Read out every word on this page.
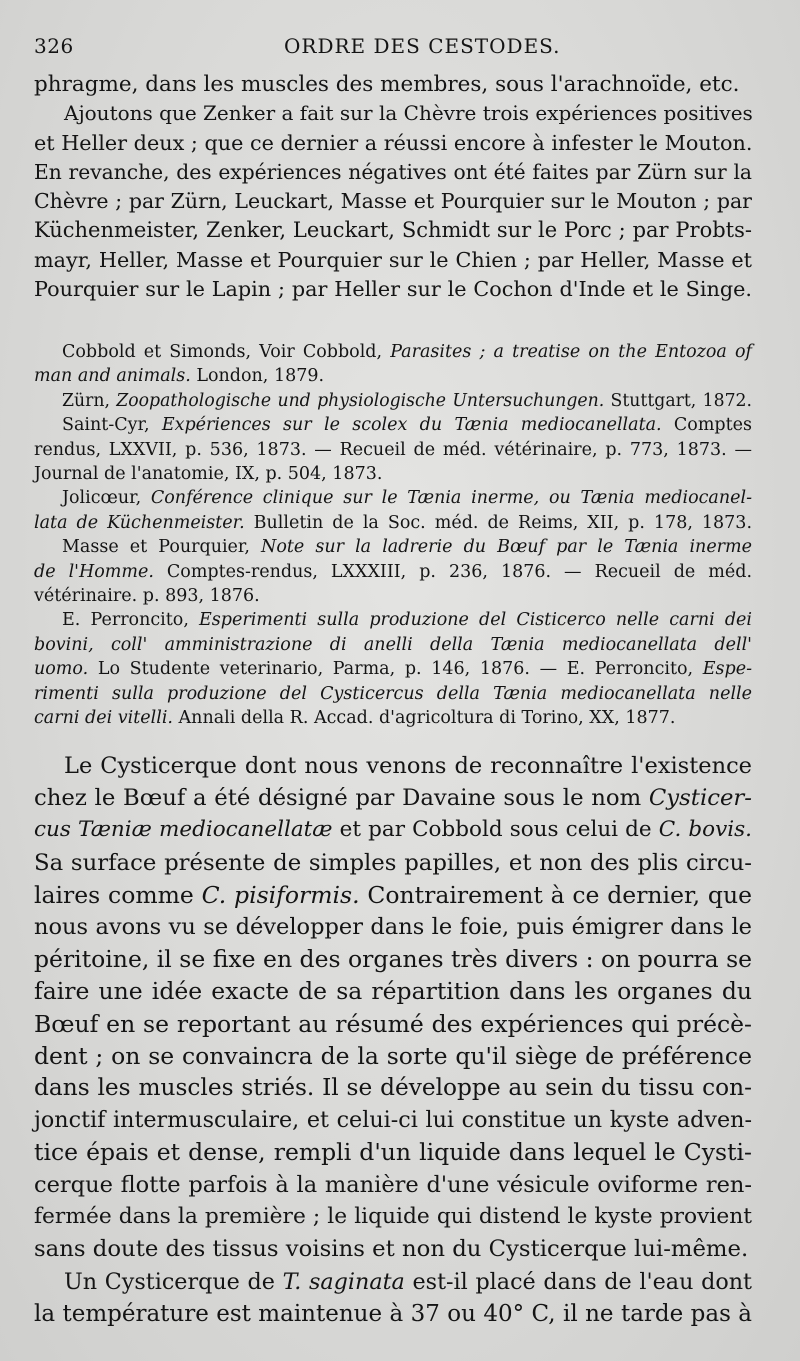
326	ORDRE DES CESTODES.
phragme, dans les muscles des membres, sous l'arachnoïde, etc.
Ajoutons que Zenker a fait sur la Chèvre trois expériences positives
et Heller deux ; que ce dernier a réussi encore à infester le Mouton.
En revanche, des expériences négatives ont été faites par Zürn sur la
Chèvre ; par Zürn, Leuckart, Masse et Pourquier sur le Mouton ; par
Küchenmeister, Zenker, Leuckart, Schmidt sur le Porc ; par Probts-
mayr, Heller, Masse et Pourquier sur le Chien ; par Heller, Masse et
Pourquier sur le Lapin ; par Heller sur le Cochon d'Inde et le Singe.
Cobbold et Simonds, Voir Cobbold, Parasites ; a treatise on the Entozoa of
man and animals. London, 1879.
Zürn, Zoopathologische und physiologische Untersuchungen. Stuttgart, 1872.
Saint-Cyr, Expériences sur le scolex du Tænia mediocanellata. Comptes
rendus, LXXVII, p. 536, 1873. — Recueil de méd. vétérinaire, p. 773, 1873. —
Journal de l'anatomie, IX, p. 504, 1873.
Jolicœur, Conférence clinique sur le Tænia inerme, ou Tænia mediocanel-
lata de Küchenmeister. Bulletin de la Soc. méd. de Reims, XII, p. 178, 1873.
Masse et Pourquier, Note sur la ladrerie du Bœuf par le Tænia inerme
de l'Homme. Comptes-rendus, LXXXIII, p. 236, 1876. — Recueil de méd.
vétérinaire. p. 893, 1876.
E. Perroncito, Esperimenti sulla produzione del Cisticerco nelle carni dei
bovini, coll' amministrazione di anelli della Tænia mediocanellata dell'
uomo. Lo Studente veterinario, Parma, p. 146, 1876. — E. Perroncito, Espe-
rimenti sulla produzione del Cysticercus della Tænia mediocanellata nelle
carni dei vitelli. Annali della R. Accad. d'agricoltura di Torino, XX, 1877.
Le Cysticerque dont nous venons de reconnaître l'existence
chez le Bœuf a été désigné par Davaine sous le nom Cysticer-
cus Tæniæ mediocanellatæ et par Cobbold sous celui de C. bovis.
Sa surface présente de simples papilles, et non des plis circu-
laires comme C. pisiformis. Contrairement à ce dernier, que
nous avons vu se développer dans le foie, puis émigrer dans le
péritoine, il se fixe en des organes très divers : on pourra se
faire une idée exacte de sa répartition dans les organes du
Bœuf en se reportant au résumé des expériences qui précè-
dent ; on se convaincra de la sorte qu'il siège de préférence
dans les muscles striés. Il se développe au sein du tissu con-
jonctif intermusculaire, et celui-ci lui constitue un kyste adven-
tice épais et dense, rempli d'un liquide dans lequel le Cysti-
cerque flotte parfois à la manière d'une vésicule oviforme ren-
fermée dans la première ; le liquide qui distend le kyste provient
sans doute des tissus voisins et non du Cysticerque lui-même.
Un Cysticerque de T. saginata est-il placé dans de l'eau dont
la température est maintenue à 37 ou 40° C, il ne tarde pas à
